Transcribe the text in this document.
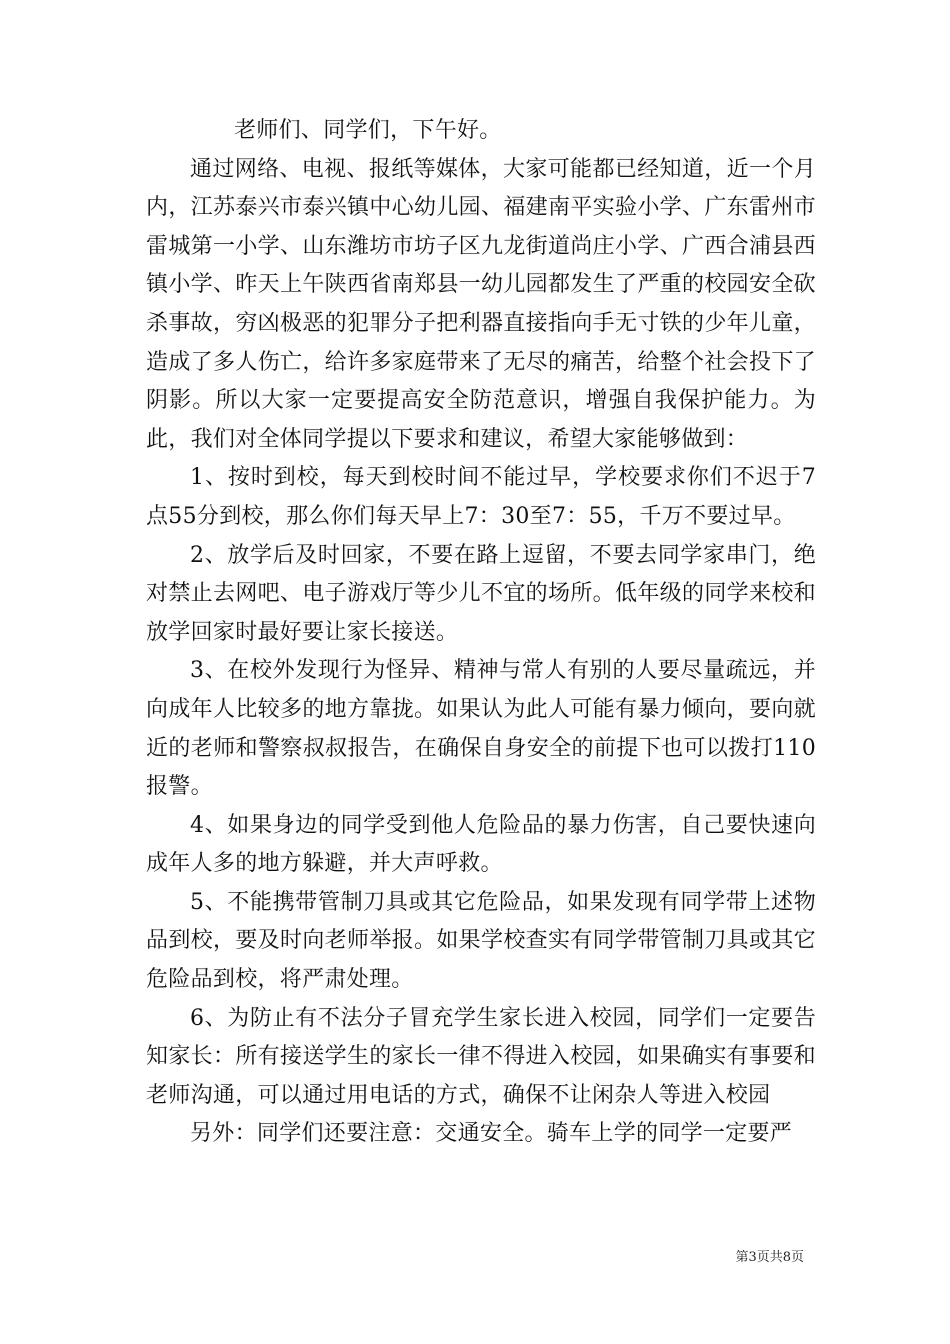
老师们、同学们，下午好。

通过网络、电视、报纸等媒体，大家可能都已经知道，近一个月内，江苏泰兴市泰兴镇中心幼儿园、福建南平实验小学、广东雷州市雷城第一小学、山东潍坊市坊子区九龙街道尚庄小学、广西合浦县西镇小学、昨天上午陕西省南郑县一幼儿园都发生了严重的校园安全砍杀事故，穷凶极恶的犯罪分子把利器直接指向手无寸铁的少年儿童，造成了多人伤亡，给许多家庭带来了无尽的痛苦，给整个社会投下了阴影。所以大家一定要提高安全防范意识，增强自我保护能力。为此，我们对全体同学提以下要求和建议，希望大家能够做到：

1、按时到校，每天到校时间不能过早，学校要求你们不迟于7点55分到校，那么你们每天早上7：30至7：55，千万不要过早。

2、放学后及时回家，不要在路上逗留，不要去同学家串门，绝对禁止去网吧、电子游戏厅等少儿不宜的场所。低年级的同学来校和放学回家时最好要让家长接送。

3、在校外发现行为怪异、精神与常人有别的人要尽量疏远，并向成年人比较多的地方靠拢。如果认为此人可能有暴力倾向，要向就近的老师和警察叔叔报告，在确保自身安全的前提下也可以拨打110报警。

4、如果身边的同学受到他人危险品的暴力伤害，自己要快速向成年人多的地方躲避，并大声呼救。

5、不能携带管制刀具或其它危险品，如果发现有同学带上述物品到校，要及时向老师举报。如果学校查实有同学带管制刀具或其它危险品到校，将严肃处理。

6、为防止有不法分子冒充学生家长进入校园，同学们一定要告知家长：所有接送学生的家长一律不得进入校园，如果确实有事要和老师沟通，可以通过用电话的方式，确保不让闲杂人等进入校园

另外：同学们还要注意：交通安全。骑车上学的同学一定要严

第3页共8页
